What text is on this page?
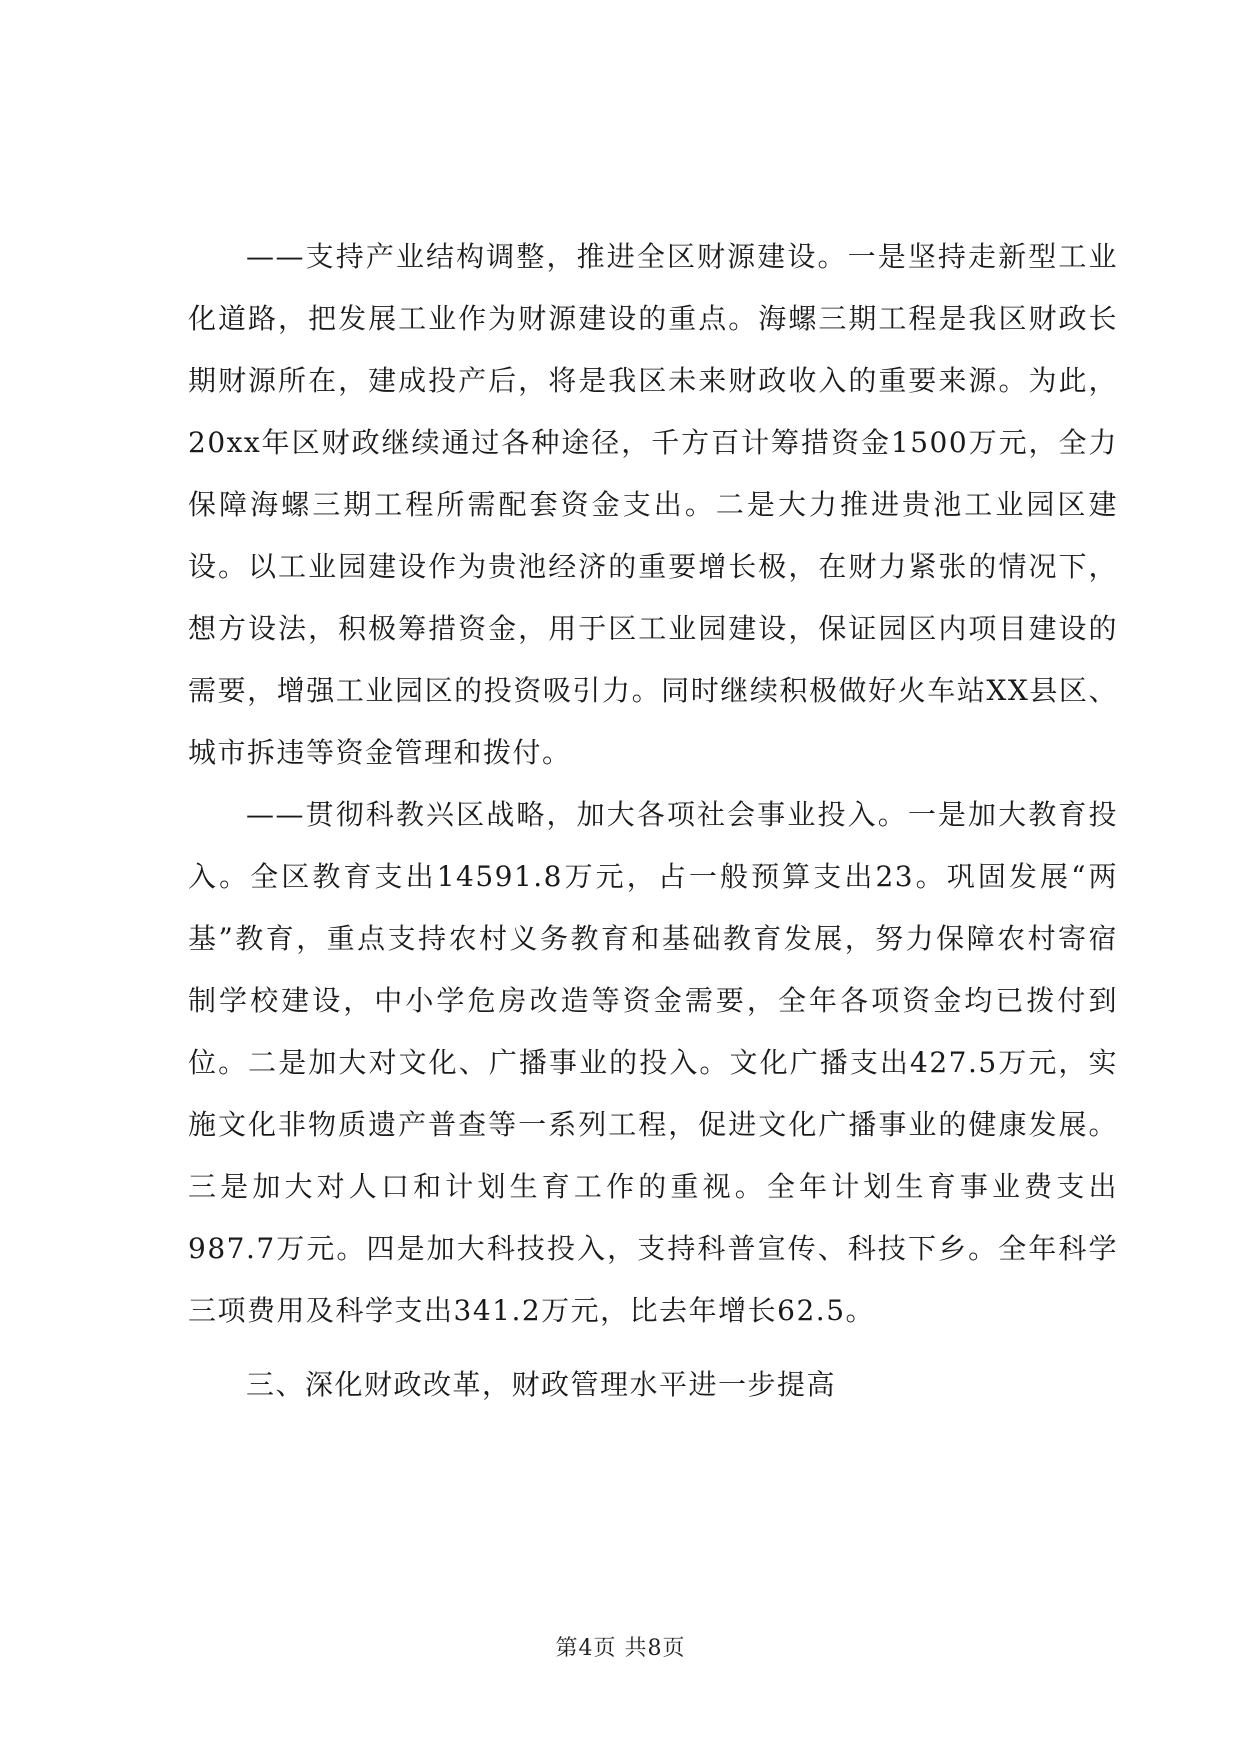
——支持产业结构调整，推进全区财源建设。一是坚持走新型工业化道路，把发展工业作为财源建设的重点。海螺三期工程是我区财政长期财源所在，建成投产后，将是我区未来财政收入的重要来源。为此，20xx年区财政继续通过各种途径，千方百计筹措资金1500万元，全力保障海螺三期工程所需配套资金支出。二是大力推进贵池工业园区建设。以工业园建设作为贵池经济的重要增长极，在财力紧张的情况下，想方设法，积极筹措资金，用于区工业园建设，保证园区内项目建设的需要，增强工业园区的投资吸引力。同时继续积极做好火车站XX县区、城市拆违等资金管理和拨付。

——贯彻科教兴区战略，加大各项社会事业投入。一是加大教育投入。全区教育支出14591.8万元，占一般预算支出23。巩固发展“两基”教育，重点支持农村义务教育和基础教育发展，努力保障农村寄宿制学校建设，中小学危房改造等资金需要，全年各项资金均已拨付到位。二是加大对文化、广播事业的投入。文化广播支出427.5万元，实施文化非物质遗产普查等一系列工程，促进文化广播事业的健康发展。三是加大对人口和计划生育工作的重视。全年计划生育事业费支出987.7万元。四是加大科技投入，支持科普宣传、科技下乡。全年科学三项费用及科学支出341.2万元，比去年增长62.5。

三、深化财政改革，财政管理水平进一步提高

第4页 共8页
